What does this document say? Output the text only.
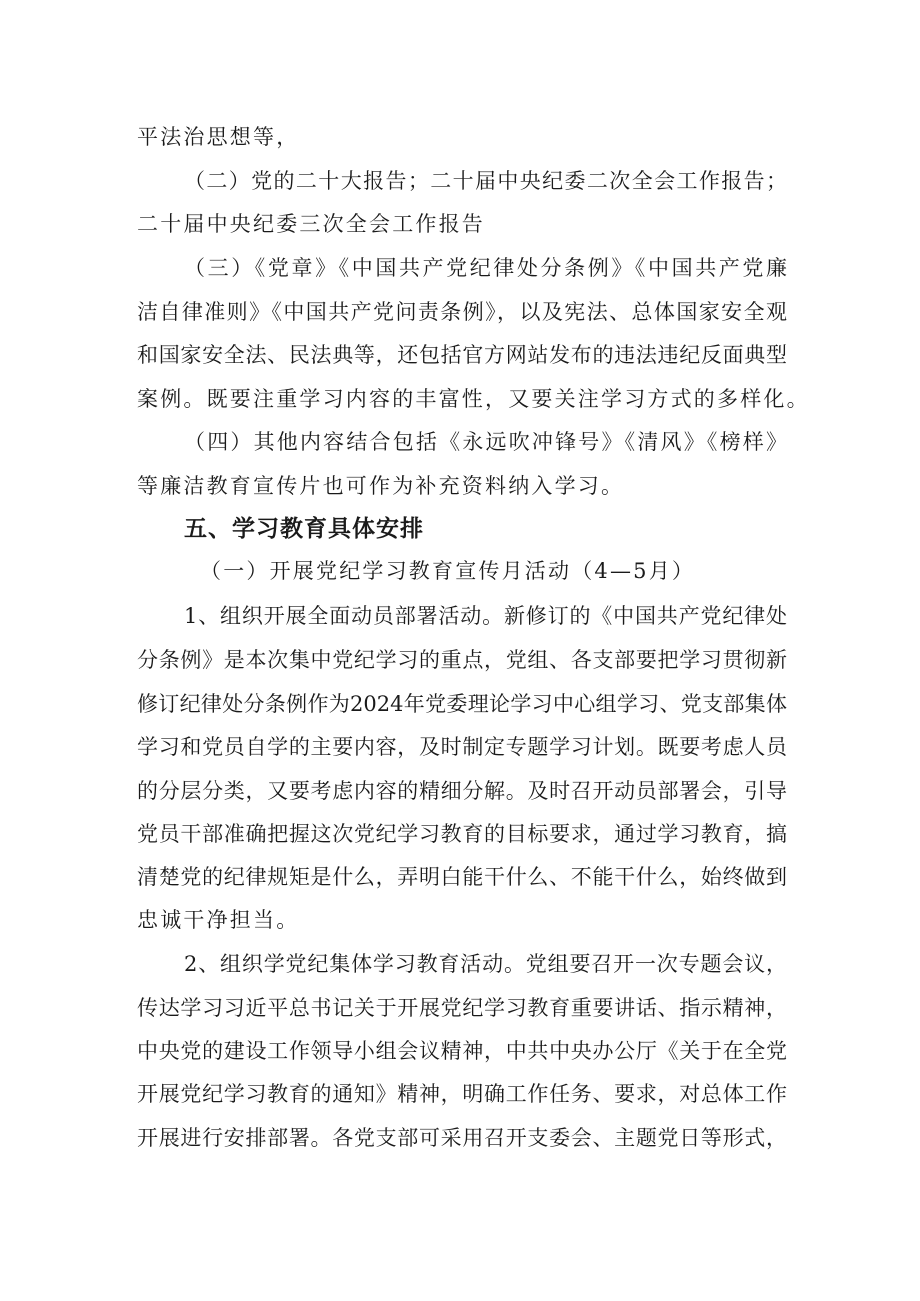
平法治思想等，
（二）党的二十大报告；二十届中央纪委二次全会工作报告；
二十届中央纪委三次全会工作报告
（三）《党章》《中国共产党纪律处分条例》《中国共产党廉
洁自律准则》《中国共产党问责条例》，以及宪法、总体国家安全观
和国家安全法、民法典等，还包括官方网站发布的违法违纪反面典型
案例。既要注重学习内容的丰富性，又要关注学习方式的多样化。
（四）其他内容结合包括《永远吹冲锋号》《清风》《榜样》
等廉洁教育宣传片也可作为补充资料纳入学习。
五、学习教育具体安排
（一）开展党纪学习教育宣传月活动（4—5月）
1、组织开展全面动员部署活动。新修订的《中国共产党纪律处
分条例》是本次集中党纪学习的重点，党组、各支部要把学习贯彻新
修订纪律处分条例作为2024年党委理论学习中心组学习、党支部集体
学习和党员自学的主要内容，及时制定专题学习计划。既要考虑人员
的分层分类，又要考虑内容的精细分解。及时召开动员部署会，引导
党员干部准确把握这次党纪学习教育的目标要求，通过学习教育，搞
清楚党的纪律规矩是什么，弄明白能干什么、不能干什么，始终做到
忠诚干净担当。
2、组织学党纪集体学习教育活动。党组要召开一次专题会议，
传达学习习近平总书记关于开展党纪学习教育重要讲话、指示精神，
中央党的建设工作领导小组会议精神，中共中央办公厅《关于在全党
开展党纪学习教育的通知》精神，明确工作任务、要求，对总体工作
开展进行安排部署。各党支部可采用召开支委会、主题党日等形式，
